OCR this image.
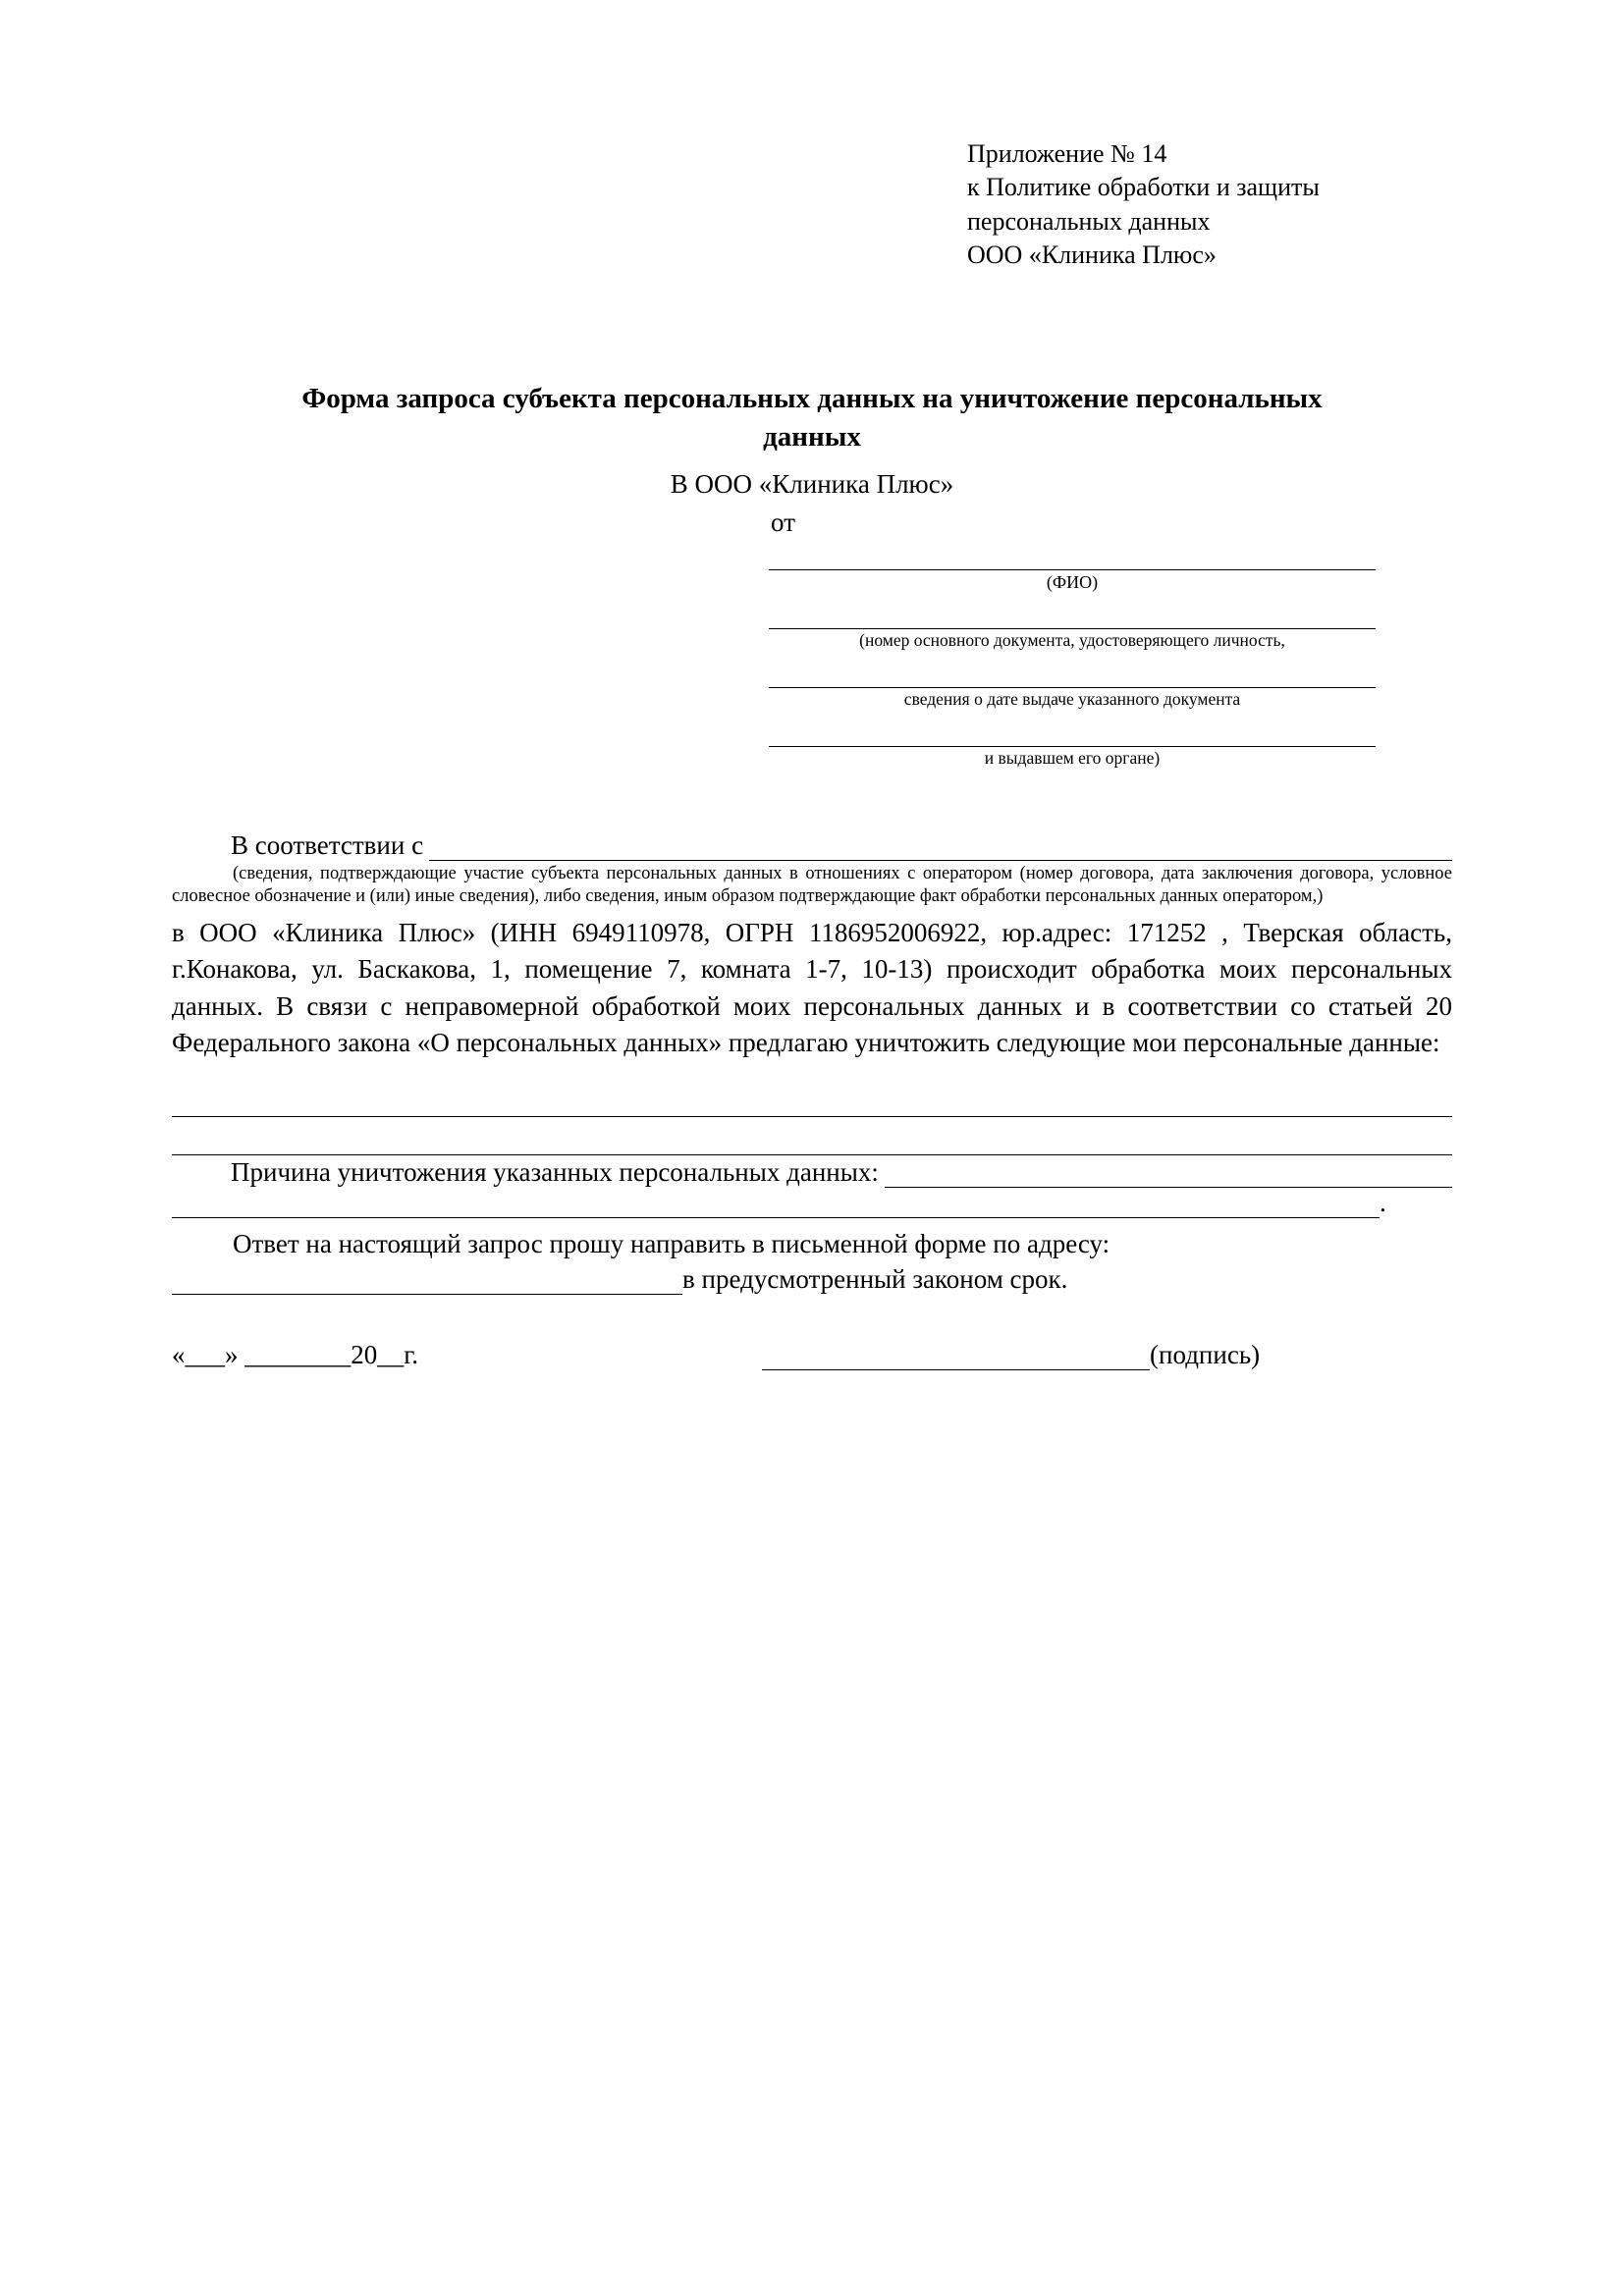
Приложение № 14
к Политике обработки и защиты
персональных данных
ООО «Клиника Плюс»
Форма запроса субъекта персональных данных на уничтожение персональных данных
В ООО «Клиника Плюс»
от
(ФИО)
(номер основного документа, удостоверяющего личность,
сведения о дате выдаче указанного документа
и выдавшем его органе)
В соответствии с
(сведения, подтверждающие участие субъекта персональных данных в отношениях с оператором (номер договора, дата заключения договора, условное словесное обозначение и (или) иные сведения), либо сведения, иным образом подтверждающие факт обработки персональных данных оператором,)
в ООО «Клиника Плюс» (ИНН 6949110978, ОГРН 1186952006922, юр.адрес: 171252 , Тверская область, г.Конакова, ул. Баскакова, 1, помещение 7, комната 1-7, 10-13) происходит обработка моих персональных данных. В связи с неправомерной обработкой моих персональных данных и в соответствии со статьей 20 Федерального закона «О персональных данных» предлагаю уничтожить следующие мои персональные данные:
Причина уничтожения указанных персональных данных:
.
Ответ на настоящий запрос прошу направить в письменной форме по адресу:
в предусмотренный законом срок.
«___» ________20__г.	(подпись)
